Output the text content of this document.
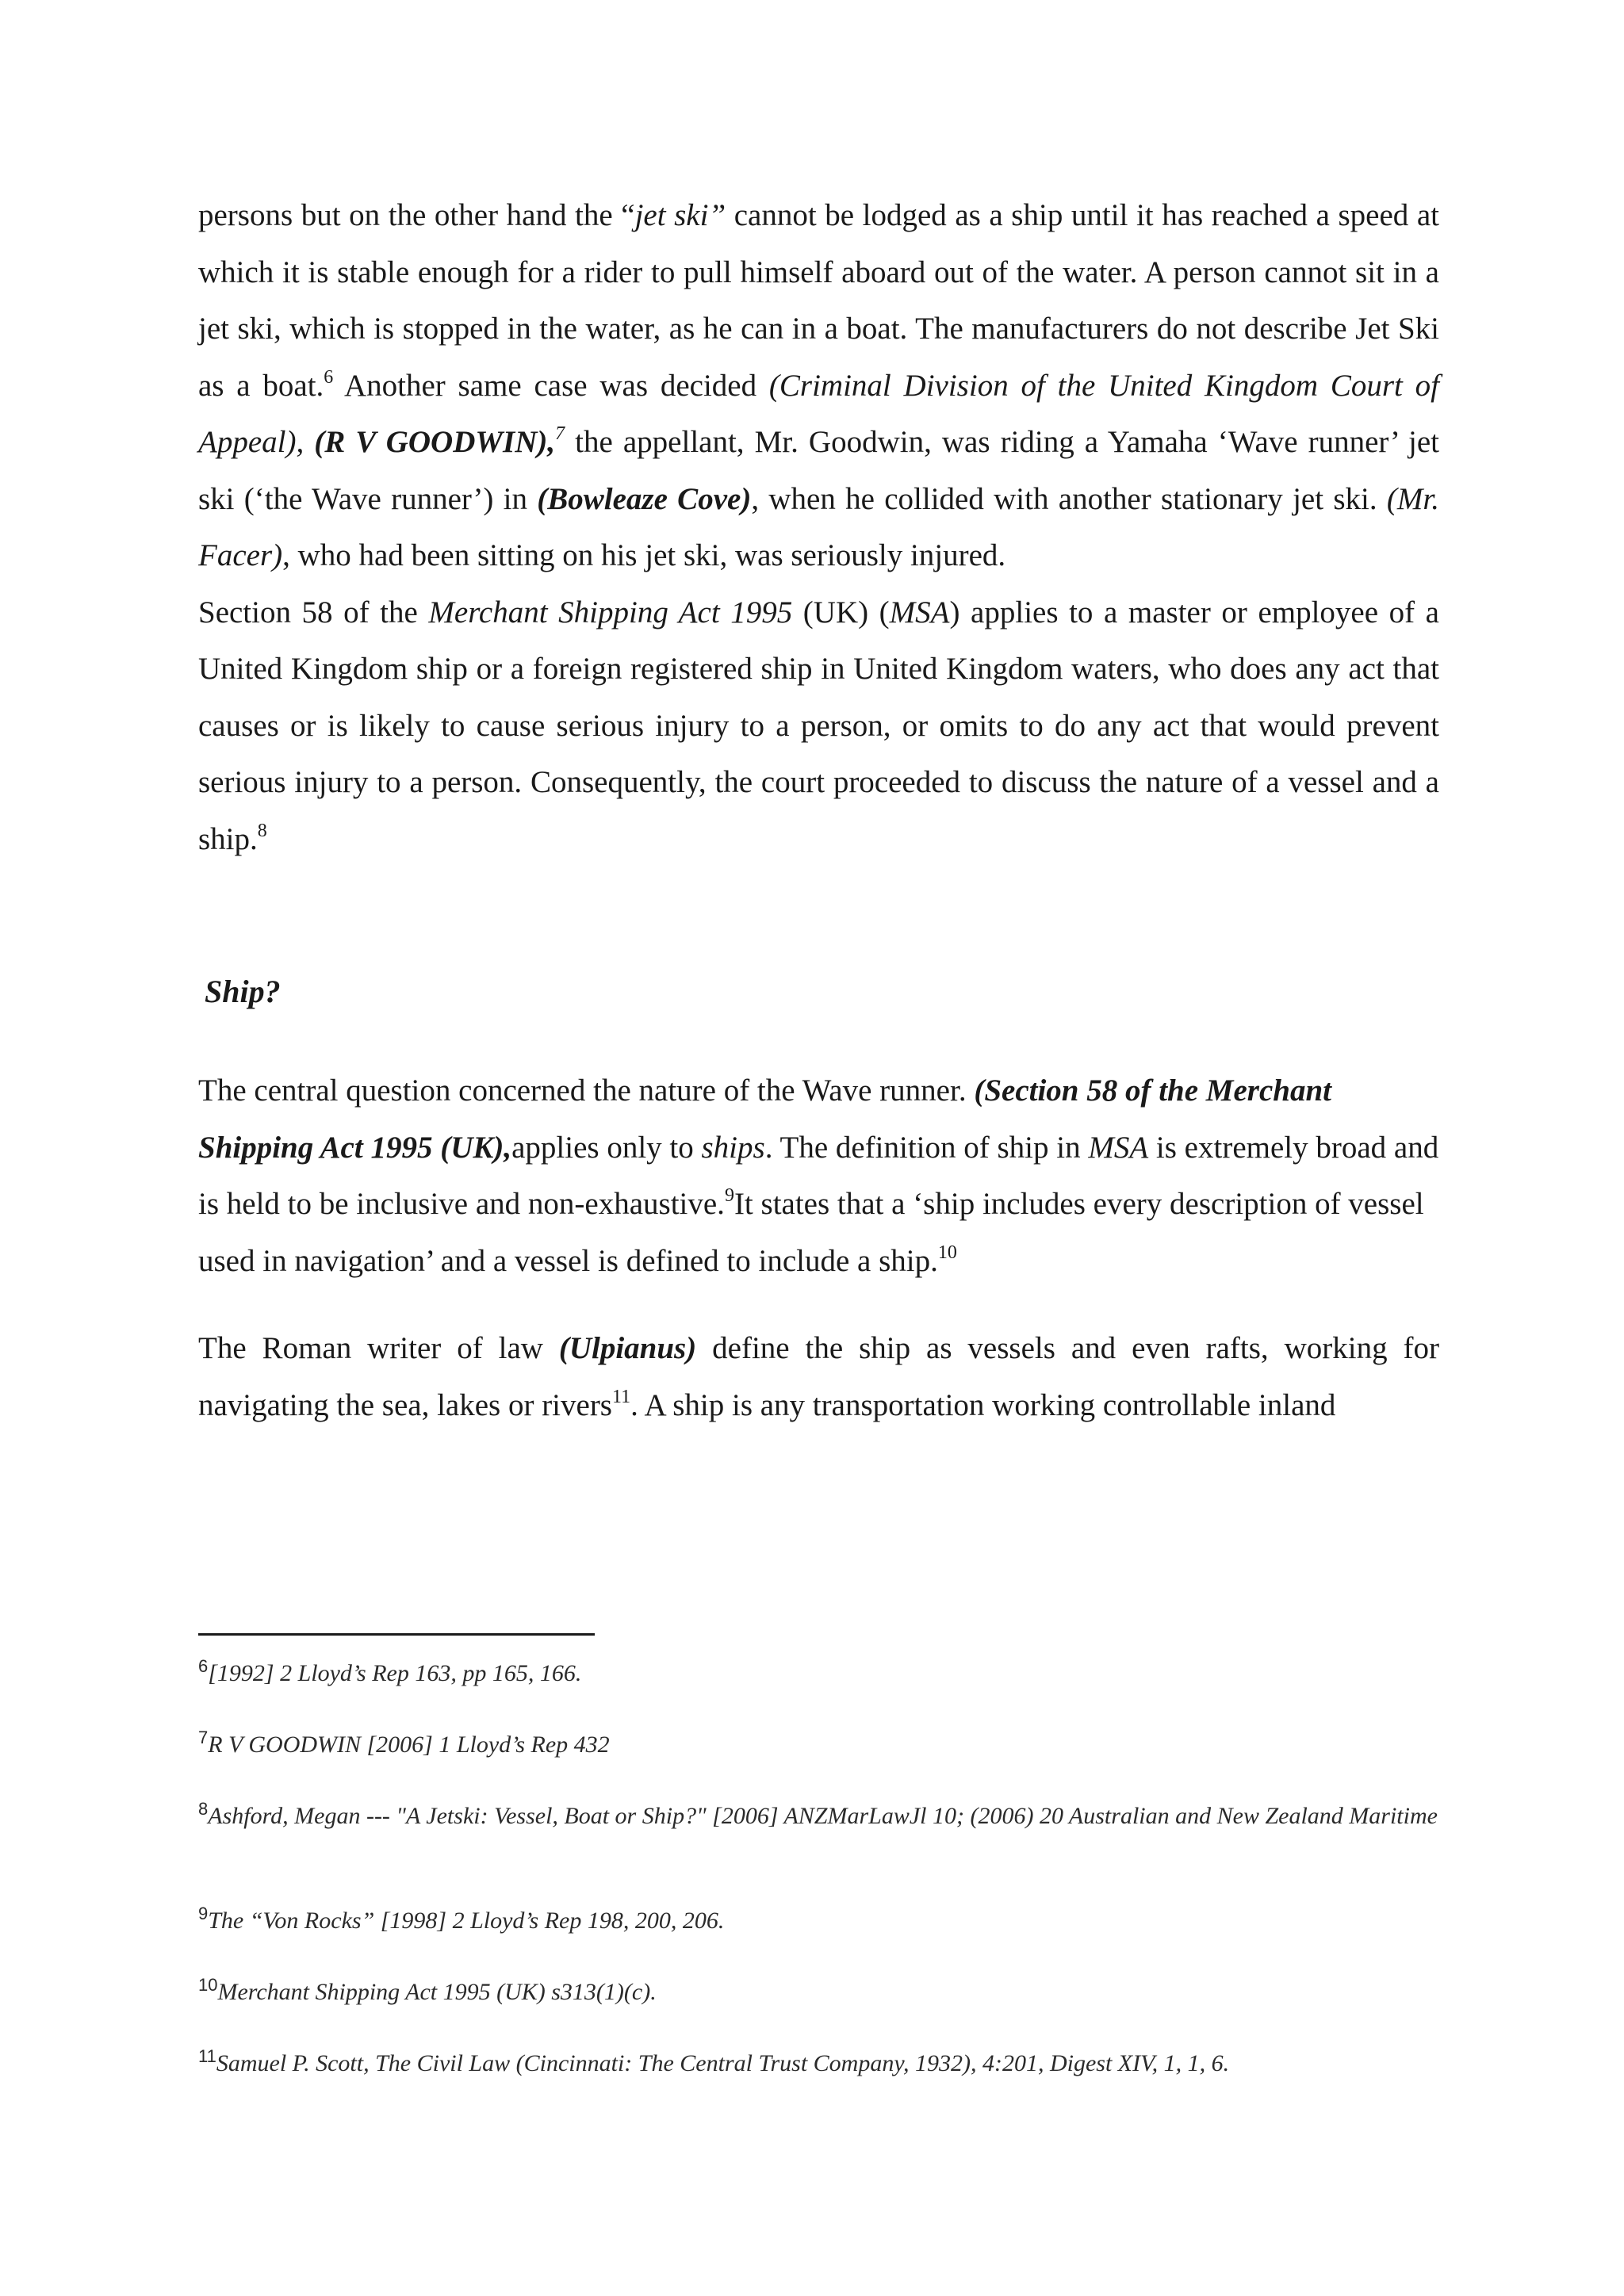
persons but on the other hand the “jet ski” cannot be lodged as a ship until it has reached a speed at which it is stable enough for a rider to pull himself aboard out of the water. A person cannot sit in a jet ski, which is stopped in the water, as he can in a boat. The manufacturers do not describe Jet Ski as a boat.$^6$ Another same case was decided (Criminal Division of the United Kingdom Court of Appeal), (R V GOODWIN),$^7$ the appellant, Mr. Goodwin, was riding a Yamaha ‘Wave runner’ jet ski (‘the Wave runner’) in (Bowleaze Cove), when he collided with another stationary jet ski. (Mr. Facer), who had been sitting on his jet ski, was seriously injured.
Section 58 of the Merchant Shipping Act 1995 (UK) (MSA) applies to a master or employee of a United Kingdom ship or a foreign registered ship in United Kingdom waters, who does any act that causes or is likely to cause serious injury to a person, or omits to do any act that would prevent serious injury to a person. Consequently, the court proceeded to discuss the nature of a vessel and a ship.$^8$
Ship?
The central question concerned the nature of the Wave runner. (Section 58 of the Merchant Shipping Act 1995 (UK),applies only to ships. The definition of ship in MSA is extremely broad and is held to be inclusive and non-exhaustive.$^9$It states that a ‘ship includes every description of vessel used in navigation’ and a vessel is defined to include a ship.$^{10}$
The Roman writer of law (Ulpianus) define the ship as vessels and even rafts, working for navigating the sea, lakes or rivers$^{11}$. A ship is any transportation working controllable inland
$^6$[1992] 2 Lloyd’s Rep 163, pp 165, 166.
$^7$R V GOODWIN [2006] 1 Lloyd’s Rep 432
$^8$Ashford, Megan --- "A Jetski: Vessel, Boat or Ship?" [2006] ANZMarLawJl 10; (2006) 20 Australian and New Zealand Maritime
$^9$The “Von Rocks” [1998] 2 Lloyd’s Rep 198, 200, 206.
$^{10}$Merchant Shipping Act 1995 (UK) s313(1)(c).
$^{11}$Samuel P. Scott, The Civil Law (Cincinnati: The Central Trust Company, 1932), 4:201, Digest XIV, 1, 1, 6.
